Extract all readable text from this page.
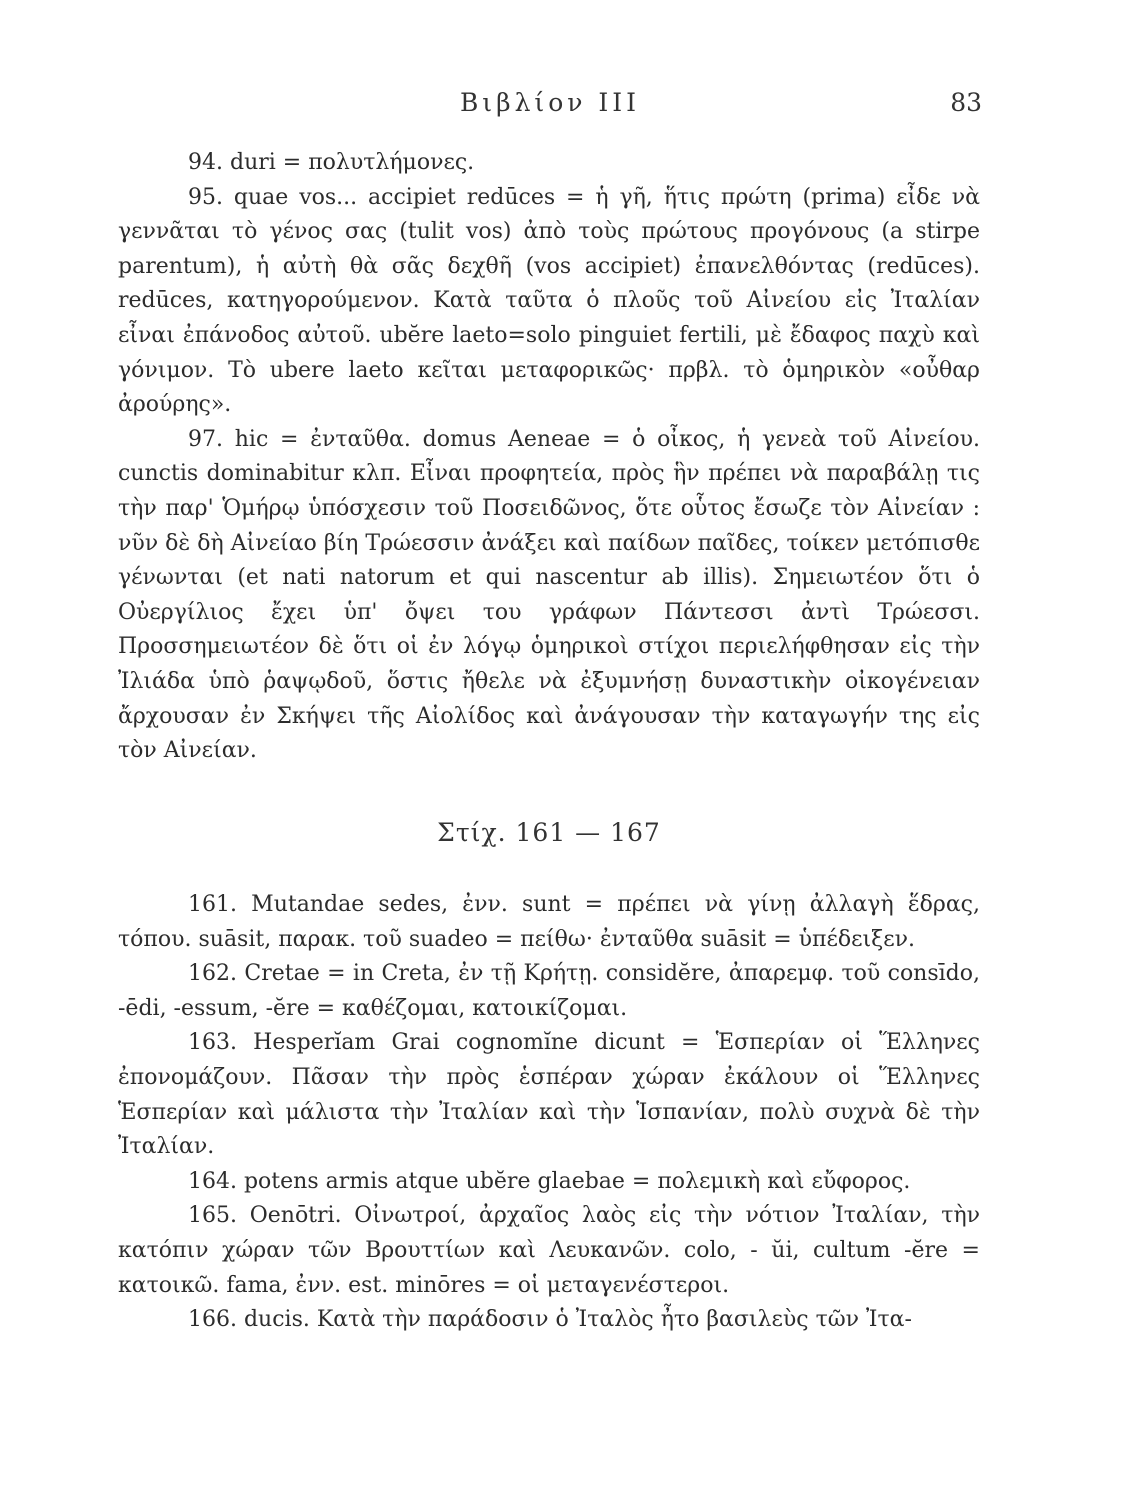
Βιβλίον III	83

94. duri = πολυτλήμονες.

95. quae vos... accipiet redūces = ἡ γῆ, ἥτις πρώτη (prima) εἶδε νὰ γεννᾶται τὸ γένος σας (tulit vos) ἀπὸ τοὺς πρώτους προγόνους (a stirpe parentum), ἡ αὐτὴ θὰ σᾶς δεχθῆ (vos accipiet) ἐπανελθόντας (redūces). redūces, κατηγορούμενον. Κατὰ ταῦτα ὁ πλοῦς τοῦ Αἰνείου εἰς Ἰταλίαν εἶναι ἐπάνοδος αὐτοῦ. ubĕre laeto=solo pinguiet fertili, μὲ ἔδαφος παχὺ καὶ γόνιμον. Τὸ ubere laeto κεῖται μεταφορικῶς· πρβλ. τὸ ὁμηρικὸν «οὖθαρ ἀρούρης».

97. hic = ἐνταῦθα. domus Aeneae = ὁ οἶκος, ἡ γενεὰ τοῦ Αἰνείου. cunctis dominabitur κλπ. Εἶναι προφητεία, πρὸς ἣν πρέπει νὰ παραβάλῃ τις τὴν παρ' Ὁμήρῳ ὑπόσχεσιν τοῦ Ποσειδῶνος, ὅτε οὗτος ἔσωζε τὸν Αἰνείαν : νῦν δὲ δὴ Αἰνείαο βίη Τρώεσσιν ἀνάξει καὶ παίδων παῖδες, τοίκεν μετόπισθε γένωνται (et nati natorum et qui nascentur ab illis). Σημειωτέον ὅτι ὁ Οὐεργίλιος ἔχει ὑπ' ὄψει του γράφων Πάντεσσι ἀντὶ Τρώεσσι. Προσσημειωτέον δὲ ὅτι οἱ ἐν λόγῳ ὁμηρικοὶ στίχοι περιελήφθησαν εἰς τὴν Ἰλιάδα ὑπὸ ῥαψῳδοῦ, ὅστις ἤθελε νὰ ἐξυμνήσῃ δυναστικὴν οἰκογένειαν ἄρχουσαν ἐν Σκήψει τῆς Αἰολίδος καὶ ἀνάγουσαν τὴν καταγωγήν της εἰς τὸν Αἰνείαν.

Στίχ. 161 — 167

161. Mutandae sedes, ἐνν. sunt = πρέπει νὰ γίνῃ ἀλλαγὴ ἕδρας, τόπου. suāsit, παρακ. τοῦ suadeo = πείθω· ἐνταῦθα suāsit = ὑπέδειξεν.

162. Cretae = in Creta, ἐν τῇ Κρήτῃ. considĕre, ἀπαρεμφ. τοῦ consīdo, -ēdi, -essum, -ĕre = καθέζομαι, κατοικίζομαι.

163. Hesperĭam Grai cognomĭne dicunt = Ἑσπερίαν οἱ Ἕλληνες ἐπονομάζουν. Πᾶσαν τὴν πρὸς ἑσπέραν χώραν ἐκάλουν οἱ Ἕλληνες Ἑσπερίαν καὶ μάλιστα τὴν Ἰταλίαν καὶ τὴν Ἱσπανίαν, πολὺ συχνὰ δὲ τὴν Ἰταλίαν.

164. potens armis atque ubĕre glaebae = πολεμικὴ καὶ εὔφορος.

165. Oenōtri. Οἰνωτροί, ἀρχαῖος λαὸς εἰς τὴν νότιον Ἰταλίαν, τὴν κατόπιν χώραν τῶν Βρουττίων καὶ Λευκανῶν. colo, - ŭi, cultum -ĕre = κατοικῶ. fama, ἐνν. est. minōres = οἱ μεταγενέστεροι.

166. ducis. Κατὰ τὴν παράδοσιν ὁ Ἰταλὸς ἦτο βασιλεὺς τῶν Ἰτα-
